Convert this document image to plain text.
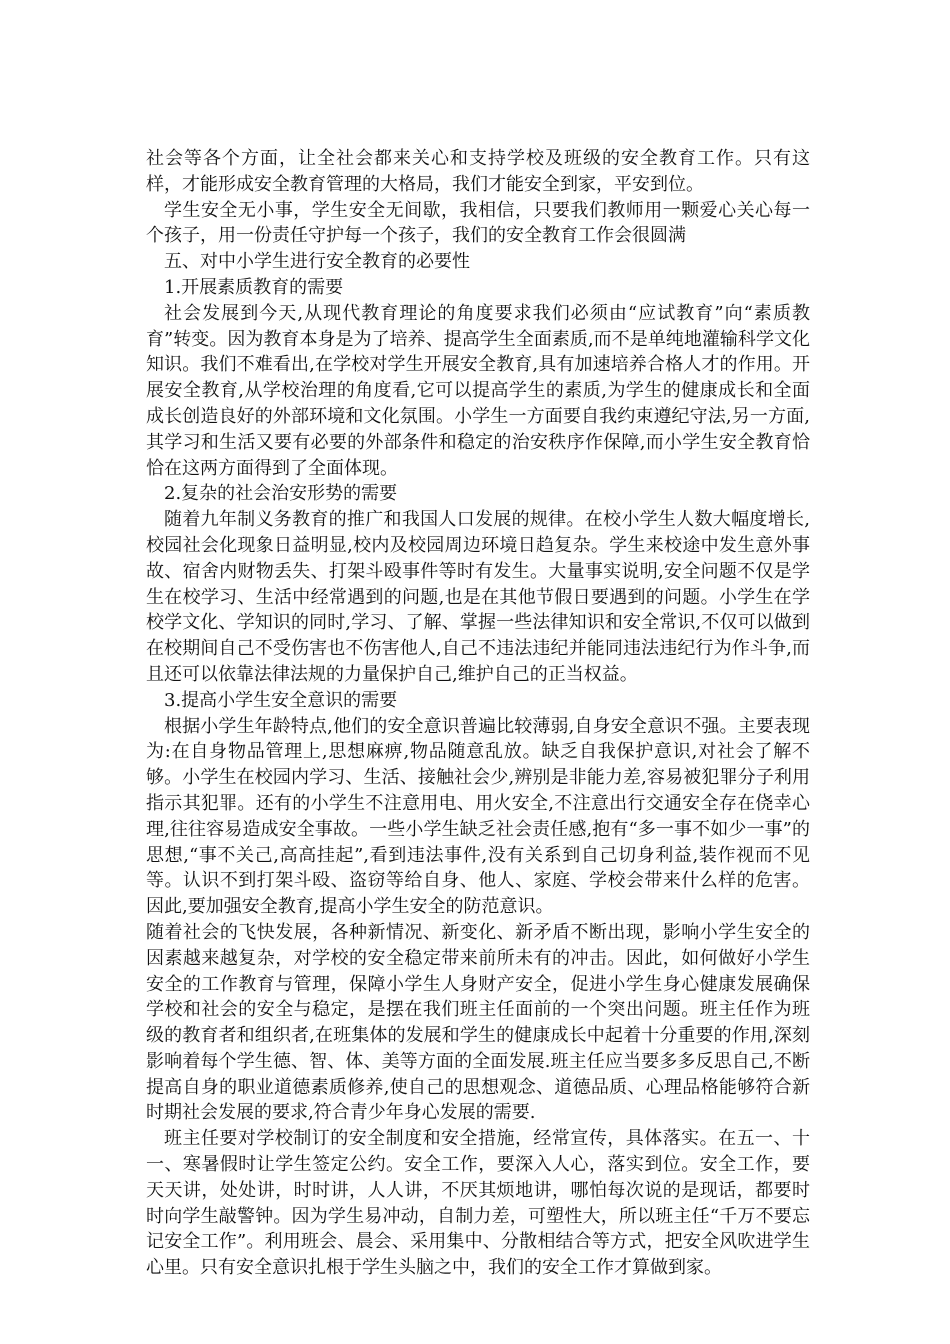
社会等各个方面，让全社会都来关心和支持学校及班级的安全教育工作。只有这样，才能形成安全教育管理的大格局，我们才能安全到家，平安到位。

学生安全无小事，学生安全无间歇，我相信，只要我们教师用一颗爱心关心每一个孩子，用一份责任守护每一个孩子，我们的安全教育工作会很圆满

五、对中小学生进行安全教育的必要性

1.开展素质教育的需要

社会发展到今天,从现代教育理论的角度要求我们必须由“应试教育”向“素质教育”转变。因为教育本身是为了培养、提高学生全面素质,而不是单纯地灌输科学文化知识。我们不难看出,在学校对学生开展安全教育,具有加速培养合格人才的作用。开展安全教育,从学校治理的角度看,它可以提高学生的素质,为学生的健康成长和全面成长创造良好的外部环境和文化氛围。小学生一方面要自我约束遵纪守法,另一方面,其学习和生活又要有必要的外部条件和稳定的治安秩序作保障,而小学生安全教育恰恰在这两方面得到了全面体现。

2.复杂的社会治安形势的需要

随着九年制义务教育的推广和我国人口发展的规律。在校小学生人数大幅度增长,校园社会化现象日益明显,校内及校园周边环境日趋复杂。学生来校途中发生意外事故、宿舍内财物丢失、打架斗殴事件等时有发生。大量事实说明,安全问题不仅是学生在校学习、生活中经常遇到的问题,也是在其他节假日要遇到的问题。小学生在学校学文化、学知识的同时,学习、了解、掌握一些法律知识和安全常识,不仅可以做到在校期间自己不受伤害也不伤害他人,自己不违法违纪并能同违法违纪行为作斗争,而且还可以依靠法律法规的力量保护自己,维护自己的正当权益。

3.提高小学生安全意识的需要

根据小学生年龄特点,他们的安全意识普遍比较薄弱,自身安全意识不强。主要表现为:在自身物品管理上,思想麻痹,物品随意乱放。缺乏自我保护意识,对社会了解不够。小学生在校园内学习、生活、接触社会少,辨别是非能力差,容易被犯罪分子利用指示其犯罪。还有的小学生不注意用电、用火安全,不注意出行交通安全存在侥幸心理,往往容易造成安全事故。一些小学生缺乏社会责任感,抱有“多一事不如少一事”的思想,“事不关己,高高挂起”,看到违法事件,没有关系到自己切身利益,装作视而不见等。认识不到打架斗殴、盗窃等给自身、他人、家庭、学校会带来什么样的危害。因此,要加强安全教育,提高小学生安全的防范意识。

随着社会的飞快发展，各种新情况、新变化、新矛盾不断出现，影响小学生安全的因素越来越复杂，对学校的安全稳定带来前所未有的冲击。因此，如何做好小学生安全的工作教育与管理，保障小学生人身财产安全，促进小学生身心健康发展确保学校和社会的安全与稳定，是摆在我们班主任面前的一个突出问题。班主任作为班级的教育者和组织者,在班集体的发展和学生的健康成长中起着十分重要的作用,深刻影响着每个学生德、智、体、美等方面的全面发展.班主任应当要多多反思自己,不断提高自身的职业道德素质修养,使自己的思想观念、道德品质、心理品格能够符合新时期社会发展的要求,符合青少年身心发展的需要.

班主任要对学校制订的安全制度和安全措施，经常宣传，具体落实。在五一、十一、寒暑假时让学生签定公约。安全工作，要深入人心，落实到位。安全工作，要天天讲，处处讲，时时讲，人人讲，不厌其烦地讲，哪怕每次说的是现话，都要时时向学生敲警钟。因为学生易冲动，自制力差，可塑性大，所以班主任“千万不要忘记安全工作”。利用班会、晨会、采用集中、分散相结合等方式，把安全风吹进学生心里。只有安全意识扎根于学生头脑之中，我们的安全工作才算做到家。
